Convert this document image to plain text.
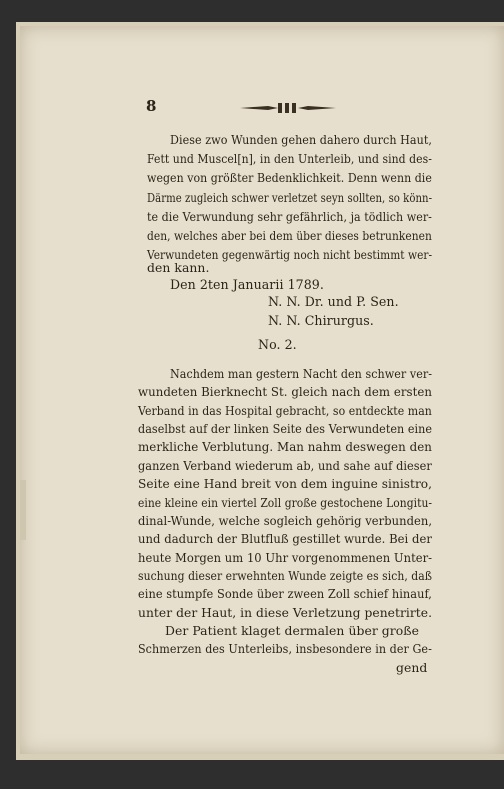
8
Diese zwo Wunden gehen dahero durch Haut,
Fett und Muscel[n], in den Unterleib, und sind des-
wegen von größter Bedenklichkeit. Denn wenn die
Därme zugleich schwer verletzet seyn sollten, so könn-
te die Verwundung sehr gefährlich, ja tödlich wer-
den, welches aber bei dem über dieses betrunkenen
Verwundeten gegenwärtig noch nicht bestimmt wer-
den kann.
Den 2ten Januarii 1789.
N. N. Dr. und P. Sen.
N. N. Chirurgus.
No. 2.
Nachdem man gestern Nacht den schwer ver-
wundeten Bierknecht St. gleich nach dem ersten
Verband in das Hospital gebracht, so entdeckte man
daselbst auf der linken Seite des Verwundeten eine
merkliche Verblutung. Man nahm deswegen den
ganzen Verband wiederum ab, und sahe auf dieser
Seite eine Hand breit von dem inguine sinistro,
eine kleine ein viertel Zoll große gestochene Longitu-
dinal-Wunde, welche sogleich gehörig verbunden,
und dadurch der Blutfluß gestillet wurde. Bei der
heute Morgen um 10 Uhr vorgenommenen Unter-
suchung dieser erwehnten Wunde zeigte es sich, daß
eine stumpfe Sonde über zween Zoll schief hinauf,
unter der Haut, in diese Verletzung penetrirte.
Der Patient klaget dermalen über große
Schmerzen des Unterleibs, insbesondere in der Ge-
gend
